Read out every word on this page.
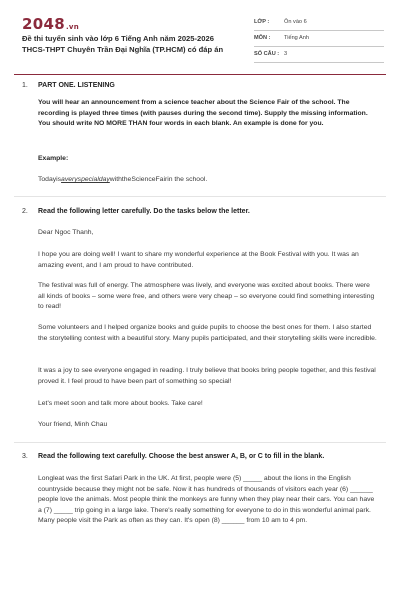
2048.vn
Đề thi tuyển sinh vào lớp 6 Tiếng Anh năm 2025-2026
THCS-THPT Chuyên Trần Đại Nghĩa (TP.HCM) có đáp án
LỚP :	Ôn vào 6
MÔN : Tiếng Anh
SỐ CÂU : 3
1. PART ONE. LISTENING
You will hear an announcement from a science teacher about the Science Fair of the school. The recording is played three times (with pauses during the second time). Supply the missing information. You should write NO MORE THAN four words in each blank. An example is done for you.
Example:
TodayisaveryspecialdaywiththeScienceFairin the school.
2. Read the following letter carefully. Do the tasks below the letter.
Dear Ngoc Thanh,
I hope you are doing well! I want to share my wonderful experience at the Book Festival with you. It was an amazing event, and I am proud to have contributed.
The festival was full of energy. The atmosphere was lively, and everyone was excited about books. There were all kinds of books – some were free, and others were very cheap – so everyone could find something interesting to read!
Some volunteers and I helped organize books and guide pupils to choose the best ones for them. I also started the storytelling contest with a beautiful story. Many pupils participated, and their storytelling skills were incredible.
It was a joy to see everyone engaged in reading. I truly believe that books bring people together, and this festival proved it. I feel proud to have been part of something so special!
Let's meet soon and talk more about books. Take care!
Your friend, Minh Chau
3. Read the following text carefully. Choose the best answer A, B, or C to fill in the blank.
Longleat was the first Safari Park in the UK. At first, people were (5) _____ about the lions in the English countryside because they might not be safe. Now it has hundreds of thousands of visitors each year (6) ______ people love the animals. Most people think the monkeys are funny when they play near their cars. You can have a (7) _____ trip going in a large lake. There's really something for everyone to do in this wonderful animal park. Many people visit the Park as often as they can. It's open (8) ______ from 10 am to 4 pm.
